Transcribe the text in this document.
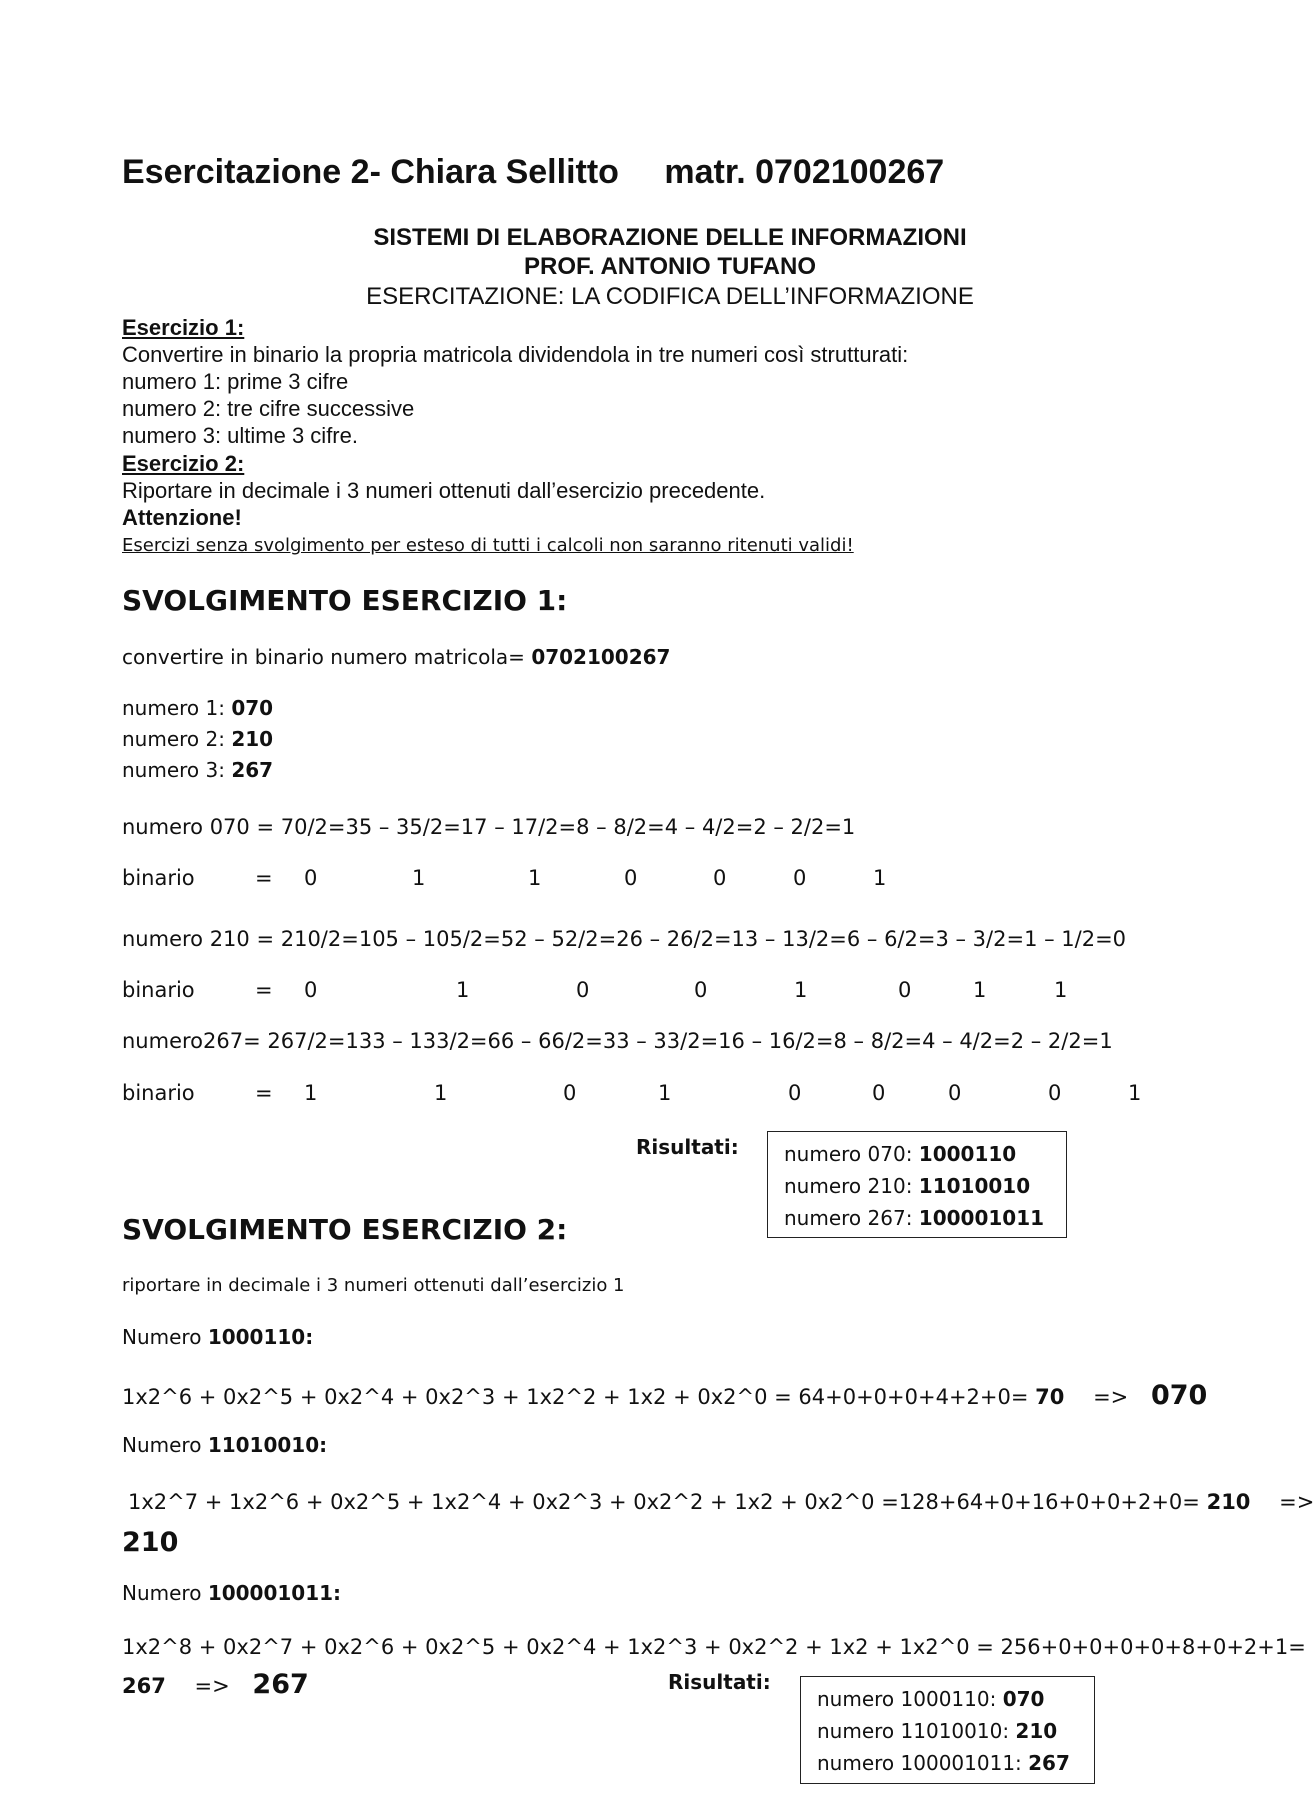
Esercitazione 2- Chiara Sellitto matr. 0702100267
SISTEMI DI ELABORAZIONE DELLE INFORMAZIONI
PROF. ANTONIO TUFANO
ESERCITAZIONE: LA CODIFICA DELL’INFORMAZIONE
Esercizio 1:
Convertire in binario la propria matricola dividendola in tre numeri così strutturati:
numero 1: prime 3 cifre
numero 2: tre cifre successive
numero 3: ultime 3 cifre.
Esercizio 2:
Riportare in decimale i 3 numeri ottenuti dall’esercizio precedente.
Attenzione!
Esercizi senza svolgimento per esteso di tutti i calcoli non saranno ritenuti validi!
SVOLGIMENTO ESERCIZIO 1:
convertire in binario numero matricola= 0702100267
numero 1: 070
numero 2: 210
numero 3: 267
numero 070 = 70/2=35 – 35/2=17 – 17/2=8 – 8/2=4 – 4/2=2 – 2/2=1
binario	= 0	1	1	0	0	0	1
numero 210 = 210/2=105 – 105/2=52 – 52/2=26 – 26/2=13 – 13/2=6 – 6/2=3 – 3/2=1 – 1/2=0
binario	= 0	1	0	0	1	0	1	1
numero267= 267/2=133 – 133/2=66 – 66/2=33 – 33/2=16 – 16/2=8 – 8/2=4 – 4/2=2 – 2/2=1
binario	= 1	1	0	1	0	0	0	0	1
Risultati: numero 070: 1000110
numero 210: 11010010
numero 267: 100001011
SVOLGIMENTO ESERCIZIO 2:
riportare in decimale i 3 numeri ottenuti dall’esercizio 1
Numero 1000110:
1x2^6 + 0x2^5 + 0x2^4 + 0x2^3 + 1x2^2 + 1x2 + 0x2^0 = 64+0+0+0+4+2+0= 70 => 070
Numero 11010010:
1x2^7 + 1x2^6 + 0x2^5 + 1x2^4 + 0x2^3 + 0x2^2 + 1x2 + 0x2^0 =128+64+0+16+0+0+2+0= 210 =>
210
Numero 100001011:
1x2^8 + 0x2^7 + 0x2^6 + 0x2^5 + 0x2^4 + 1x2^3 + 0x2^2 + 1x2 + 1x2^0 = 256+0+0+0+0+8+0+2+1=
267 => 267	Risultati:
numero 1000110: 070
numero 11010010: 210
numero 100001011: 267
